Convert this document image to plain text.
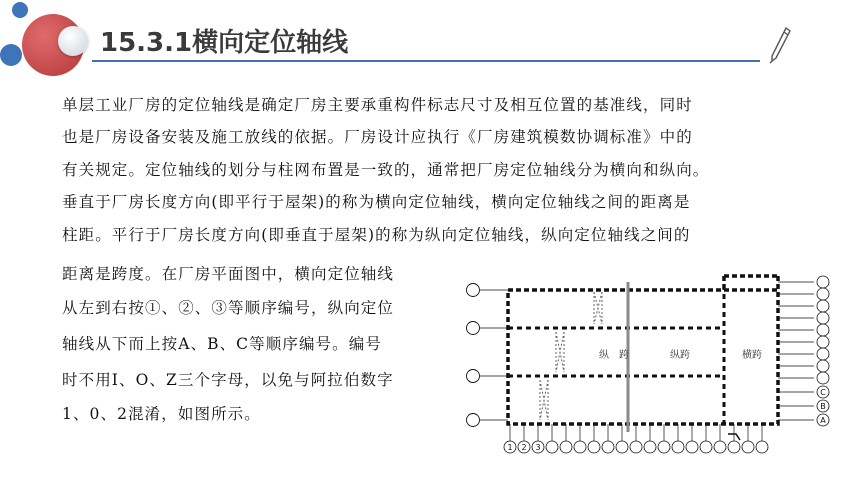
15.3.1横向定位轴线
单层工业厂房的定位轴线是确定厂房主要承重构件标志尺寸及相互位置的基准线，同时
也是厂房设备安装及施工放线的依据。厂房设计应执行《厂房建筑模数协调标准》中的
有关规定。定位轴线的划分与柱网布置是一致的，通常把厂房定位轴线分为横向和纵向。
垂直于厂房长度方向(即平行于屋架)的称为横向定位轴线，横向定位轴线之间的距离是
柱距。平行于厂房长度方向(即垂直于屋架)的称为纵向定位轴线，纵向定位轴线之间的
距离是跨度。在厂房平面图中，横向定位轴线
从左到右按①、②、③等顺序编号，纵向定位
轴线从下而上按A、B、C等顺序编号。编号
时不用I、O、Z三个字母，以免与阿拉伯数字
1、0、2混淆，如图所示。
纵　跨	纵跨	横跨
1 2 3
C
B
A
